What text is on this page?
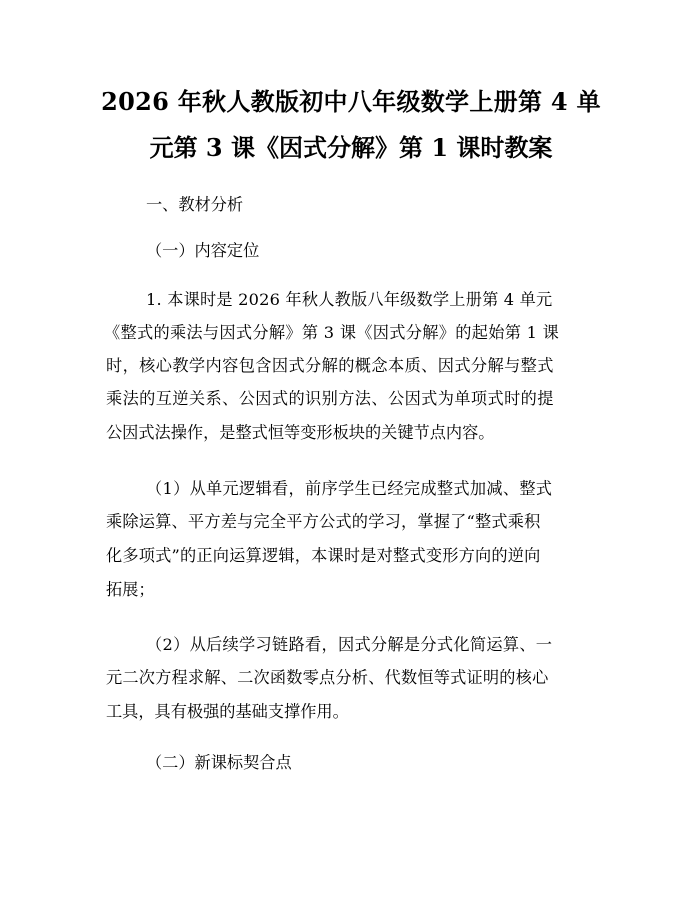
2026 年秋人教版初中八年级数学上册第 4 单
元第 3 课《因式分解》第 1 课时教案
一、教材分析
（一）内容定位
1. 本课时是 2026 年秋人教版八年级数学上册第 4 单元
《整式的乘法与因式分解》第 3 课《因式分解》的起始第 1 课
时，核心教学内容包含因式分解的概念本质、因式分解与整式
乘法的互逆关系、公因式的识别方法、公因式为单项式时的提
公因式法操作，是整式恒等变形板块的关键节点内容。
（1）从单元逻辑看，前序学生已经完成整式加减、整式
乘除运算、平方差与完全平方公式的学习，掌握了“整式乘积
化多项式”的正向运算逻辑，本课时是对整式变形方向的逆向
拓展；
（2）从后续学习链路看，因式分解是分式化简运算、一
元二次方程求解、二次函数零点分析、代数恒等式证明的核心
工具，具有极强的基础支撑作用。
（二）新课标契合点
